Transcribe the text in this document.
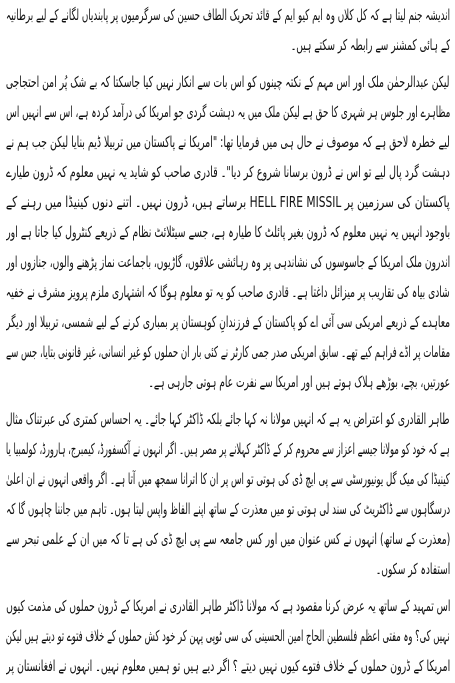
اندیشہ جنم لیتا ہے کہ کل کلاں وہ ایم کیو ایم کے قائد تحریک الطاف حسین کی سرگرمیوں پر پابندیاں لگانے کے لیے برطانیہ
کے ہائی کمشنر سے رابطہ کر سکتے ہیں۔
لیکن عبدالرحمٰن ملک اور اس مہم کے نکتہ چینوں کو اس بات سے انکار نہیں کیا جاسکتا کہ بے شک پُر امن احتجاجی
مظاہرے اور جلوس ہر شہری کا حق ہے لیکن ملک میں یہ دہشت گردی جو امریکا کی درآمد کردہ ہے، اس سے انہیں اس
لیے خطرہ لاحق ہے کہ موصوف نے حال ہی میں فرمایا تھا: "امریکا نے پاکستان میں تربیلا ڈیم بنایا لیکن جب ہم نے
دہشت گرد پال لیے تو اس نے ڈرون برسانا شروع کر دیا"۔ قادری صاحب کو شاید یہ نہیں معلوم کہ ڈرون طیارے
پاکستان کی سرزمین پر HELL FIRE MISSIL برساتے ہیں، ڈرون نہیں۔ اتنے دنوں کینیڈا میں رہنے کے
باوجود انہیں یہ نہیں معلوم کہ ڈرون بغیر پائلٹ کا طیارہ ہے، جسے سیٹلائٹ نظام کے ذریعے کنٹرول کیا جاتا ہے اور
اندرون ملک امریکا کے جاسوسوں کی نشاندہی پر وہ رہائشی علاقوں، گاڑیوں، باجماعت نماز پڑھنے والوں، جنازوں اور
شادی بیاہ کی تقاریب پر میزائل داغتا ہے۔ قادری صاحب کو یہ تو معلوم ہوگا کہ اشتہاری ملزم پرویز مشرف نے خفیہ
معاہدے کے ذریعے امریکی سی آئی اے کو پاکستان کے فرزندانِ کوہستان پر بمباری کرنے کے لیے شمسی، تربیلا اور دیگر
مقامات پر اڈے فراہم کیے تھے۔ سابق امریکی صدر جمی کارٹر نے کئی بار ان حملوں کو غیر انسانی، غیر قانونی بتایا، جس سے
عورتیں، بچے، بوڑھے ہلاک ہوتے ہیں اور امریکا سے نفرت عام ہوتی جارہی ہے۔
طاہر القادری کو اعتراض یہ ہے کہ انہیں مولانا نہ کہا جائے بلکہ ڈاکٹر کہا جائے۔ یہ احساس کمتری کی عبرتناک مثال
ہے کہ خود کو مولانا جیسے اعزاز سے محروم کر کے ڈاکٹر کہلانے پر مصر ہیں۔ اگر انہوں نے آکسفورڈ، کیمبرج، ہارورڈ، کولمبیا یا
کینیڈا کی میک گل یونیورسٹی سے پی ایچ ڈی کی ہوتی تو اس پر ان کا اترانا سمجھ میں آتا ہے۔ اگر واقعی انہوں نے ان اعلیٰ
درسگاہوں سے ڈاکٹریٹ کی سند لی ہوتی تو میں معذرت کے ساتھ اپنے الفاظ واپس لیتا ہوں۔ تاہم میں جاننا چاہوں گا کہ
(معذرت کے ساتھ) انہوں نے کس عنوان میں اور کس جامعہ سے پی ایچ ڈی کی ہے تا کہ میں ان کے علمی تبحر سے
استفادہ کر سکوں۔
اس تمہید کے ساتھ یہ عرض کرنا مقصود ہے کہ مولانا ڈاکٹر طاہر القادری نے امریکا کے ڈرون حملوں کی مذمت کیوں
نہیں کی؟ وہ مفتی اعظم فلسطین الحاج امین الحسینی کی سی ٹوپی پہن کر خود کش حملوں کے خلاف فتوے تو دیتے ہیں لیکن
امریکا کے ڈرون حملوں کے خلاف فتوے کیوں نہیں دیتے ؟ اگر دیے ہیں تو ہمیں معلوم نہیں۔ انہوں نے افغانستان پر
